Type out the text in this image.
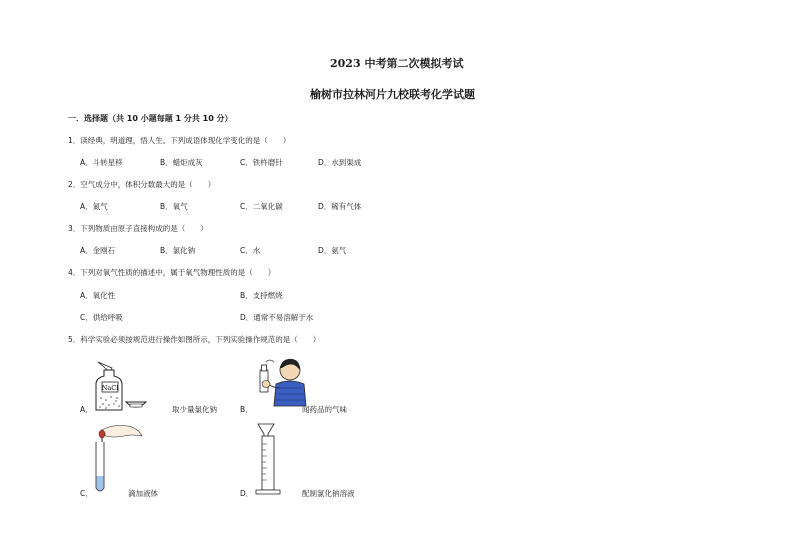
2023 中考第二次模拟考试
榆树市拉林河片九校联考化学试题
一．选择题（共 10 小题每题 1 分共 10 分）
1．读经典，明道理，悟人生。下列成语体现化学变化的是（　　）
A．斗转星移	B．蜡炬成灰	C．铁杵磨针	D．水到渠成
2．空气成分中，体积分数最大的是（　　）
A．氮气	B．氧气	C．二氧化碳	D．稀有气体
3．下列物质由原子直接构成的是（　　）
A．金刚石	B．氯化钠	C．水	D．氨气
4．下列对氧气性质的描述中，属于氧气物理性质的是（　　）
A．氧化性	B．支持燃烧
C．供给呼吸	D．通常不易溶解于水
5．科学实验必须按规范进行操作如图所示，下列实验操作规范的是（　　）
A．
NaCl
取少量氯化钠	B．	闻药品的气味
C．	滴加液体	D．	配制氯化钠溶液
